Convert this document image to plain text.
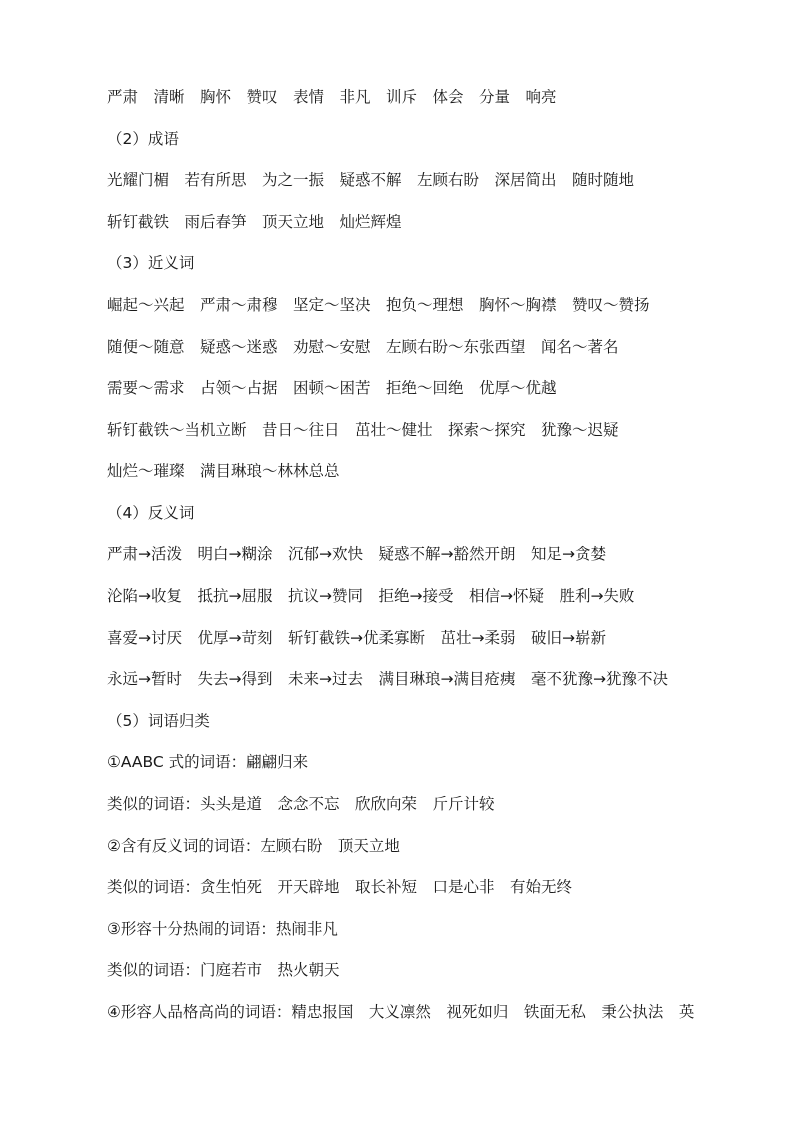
严肃　清晰　胸怀　赞叹　表情　非凡　训斥　体会　分量　响亮
（2）成语
光耀门楣　若有所思　为之一振　疑惑不解　左顾右盼　深居简出　随时随地
斩钉截铁　雨后春笋　顶天立地　灿烂辉煌
（3）近义词
崛起～兴起　严肃～肃穆　坚定～坚决　抱负～理想　胸怀～胸襟　赞叹～赞扬
随便～随意　疑惑～迷惑　劝慰～安慰　左顾右盼～东张西望　闻名～著名
需要～需求　占领～占据　困顿～困苦　拒绝～回绝　优厚～优越
斩钉截铁～当机立断　昔日～往日　茁壮～健壮　探索～探究　犹豫～迟疑
灿烂～璀璨　满目琳琅～林林总总
（4）反义词
严肃→活泼　明白→糊涂　沉郁→欢快　疑惑不解→豁然开朗　知足→贪婪
沦陷→收复　抵抗→屈服　抗议→赞同　拒绝→接受　相信→怀疑　胜利→失败
喜爱→讨厌　优厚→苛刻　斩钉截铁→优柔寡断　茁壮→柔弱　破旧→崭新
永远→暂时　失去→得到　未来→过去　满目琳琅→满目疮痍　毫不犹豫→犹豫不决
（5）词语归类
①AABC 式的词语：翩翩归来
类似的词语：头头是道　念念不忘　欣欣向荣　斤斤计较
②含有反义词的词语：左顾右盼　顶天立地
类似的词语：贪生怕死　开天辟地　取长补短　口是心非　有始无终
③形容十分热闹的词语：热闹非凡
类似的词语：门庭若市　热火朝天
④形容人品格高尚的词语：精忠报国　大义凛然　视死如归　铁面无私　秉公执法　英
